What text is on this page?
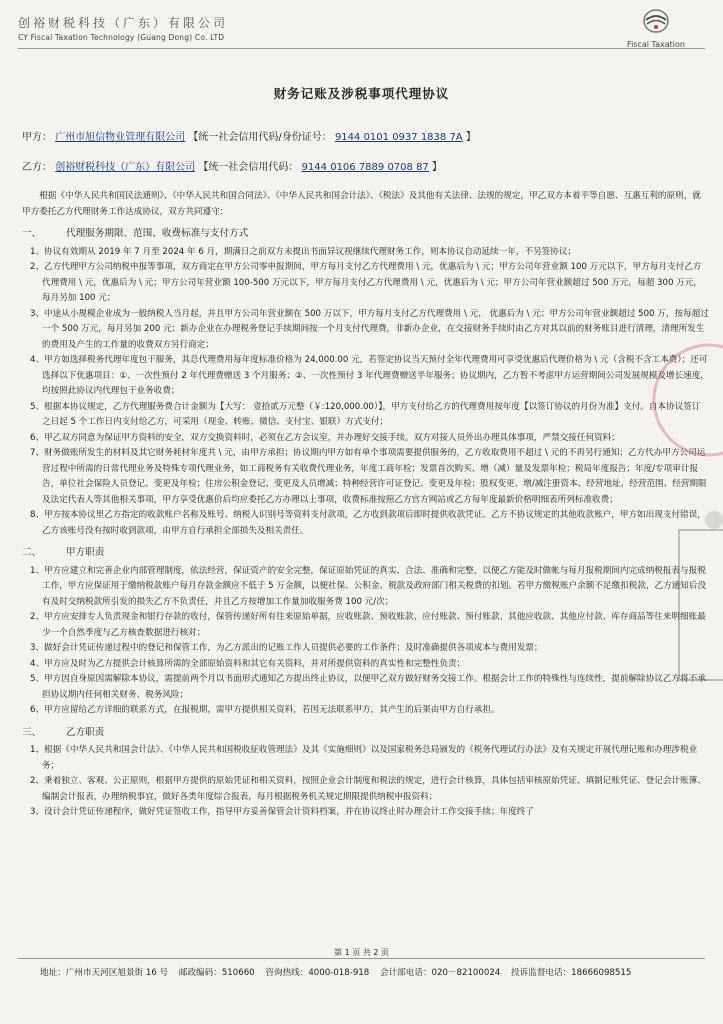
创裕财税科技（广东）有限公司
CY Fiscal Taxation Technology (Guang Dong) Co. LTD
Fiscal Taxation
财务记账及涉税事项代理协议
甲方： 广州市旭信物业管理有限公司 【统一社会信用代码/身份证号： 9144 0101 0937 1838 7A 】
乙方： 创裕财税科技（广东）有限公司 【统一社会信用代码： 9144 0106 7889 0708 87 】

根据《中华人民共和国民法通则》、《中华人民共和国合同法》、《中华人民共和国会计法》、《税法》及其他有关法律、法规的规定，甲乙双方本着平等自愿、互惠互利的原则，就甲方委托乙方代理财务工作达成协议，双方共同遵守：

一、	代理服务期限、范围、收费标准与支付方式

1、协议有效期从 2019 年 7 月至 2024 年 6 月，期满日之前双方未提出书面异议视继续代理财务工作，则本协议自动延续一年，不另签协议；

2、乙方代理甲方公司纳税申报等事项，双方商定在甲方公司零申报期间，甲方每月支付乙方代理费用 \ 元，优惠后为 \ 元；甲方公司年营业额 100 万元以下，甲方每月支付乙方代理费用 \ 元，优惠后为 \ 元；甲方公司年营业额 100-500 万元以下，甲方每月支付乙方代理费用 \ 元，优惠后为 \ 元；甲方公司年营业额超过 500 万元，每超 300 万元，每月另加 100 元；

3、中途从小规模企业成为一般纳税人当月起，并且甲方公司年营业额在 500 万以下，甲方每月支付乙方代理费用 \ 元， 优惠后为 \ 元；甲方公司年营业额超过 500 万，按每超过一个 500 万元，每月另加 200 元；新办企业在办理税务登记手续期间按一个月支付代理费，非新办企业，在交接财务手续时由乙方对其以前的财务账目进行清理，清理所发生的费用及产生的工作量的收费双方另行商定；

4、甲方如选择税务代理年度包干服务，其总代理费用每年度标准价格为 24,000.00 元，若签定协议当天预付全年代理费用可享受优惠后代理价格为 \ 元（含税不含工本费）；还可选择以下优惠项目：①、一次性预付 2 年代理费赠送 3 个月服务；②、一次性预付 3 年代理费赠送半年服务；协议期内，乙方暂不考虑甲方运营期间公司发展规模及增长速度，均按照此协议内代理包干业务收费；

5、根据本协议规定，乙方代理服务费合计金额为【大写： 壹拾贰万元整（￥:120,000.00）】，甲方支付给乙方的代理费用按年度【以签订协议的月份为准】支付。自本协议签订之日起 5 个工作日内支付给乙方，可采用（现金、转账、微信、支付宝、银联）方式支付；

6、甲乙双方同意为保证甲方资料的安全，双方交换资料时，必须在乙方会议室，并办理好交接手续。双方对接人员外出办理具体事项，严禁交接任何资料；

7、财务做账所发生的材料及其它财务耗材年度共 \ 元，由甲方承担；协议期内甲方如有单个事项需要提供服务的，乙方收取费用不超过 \ 元的不再另行通知；乙方代办甲方公司运营过程中所需的日常代理业务及特殊专项代理业务，如工商税务有关收费代理业务，年度工商年检；发票首次购买、增（减）量及发票年检；税局年度报告；年度/专项审计报告，单位社会保险人员登记、变更及年检；住房公积金登记、变更及人员增减；特种经营许可证登记、变更及年检；股权变更、增/减注册资本、经营地址、经营范围、经营期限及法定代表人等其他相关事项，甲方享受优惠价后均应委托乙方办理以上事项，收费标准按照乙方官方网站或乙方每年度最新价格明细表所列标准收费；

8、甲方按本协议里乙方指定的收款账户名称及账号、纳税人识别号等资料支付款项，乙方收到款项后即时提供收款凭证。乙方不协议规定的其他收款账户，甲方如出现支付错误，乙方该账号没有按时收到款项，由甲方自行承担全部损失及相关责任。

二、	甲方职责

1、甲方应建立和完善企业内部管理制度，依法经营，保证资产的安全完整，保证原始凭证的真实、合法、准确和完整，以便乙方能及时做帐与每月报税期间内完成纳税报表与报税工作，甲方应保证用于缴纳税款账户每月存款金额应不低于 5 万金额，以便社保、公积金、税款及政府部门相关税费的扣划。若甲方缴税账户余额不足缴扣税款，乙方通知后没有及时交纳税款所引发的损失乙方不负责任，并且乙方按增加工作量加收服务费 100 元/次；

2、甲方应安排专人负责现金和银行存款的收付，保管传递好所有往来原始单据，应收账款、预收账款、应付账款、预付账款、其他应收款、其他应付款、库存商品等往来明细账最少一个自然季度与乙方核查数据进行核对；

3、做好会计凭证传递过程中的登记和保管工作，为乙方派出的记账工作人员提供必要的工作条件；及时准确提供各项成本与费用发票；

4、甲方应及时为乙方提供会计核算所需的全部原始资料和其它有关资料，并对所提供资料的真实性和完整性负责；

5、甲方因自身原因需解除本协议，需提前两个月以书面形式通知乙方提出终止协议，以便甲乙双方做好财务交接工作。根据会计工作的特殊性与连续性，提前解除协议乙方将不承担协议期内任何相关财务、税务风险；

6、甲方应留给乙方详细的联系方式，在报税期，需甲方提供相关资料，若因无法联系甲方，其产生的后果由甲方自行承担。

三、	乙方职责

1、根据《中华人民共和国会计法》、《中华人民共和国税收征收管理法》及其《实施细则》以及国家税务总局颁发的《税务代理试行办法》及有关规定开展代理记账和办理涉税业务；

2、秉着独立、客观、公正原则，根据甲方提供的原始凭证和相关资料，按照企业会计制度和税法的规定，进行会计核算，具体包括审核原始凭证、填制记账凭证、登记会计账簿、编制会计报表，办理纳税事宜，做好各类年度综合报表，每月根据税务机关规定期限提供纳税申报资料；

3、设计会计凭证传递程序，做好凭证签收工作，指导甲方妥善保管会计资料档案，并在协议终止时办理会计工作交接手续；年度终了

第 1 页 共 2 页
地址：广州市天河区旭景街 16 号 邮政编码：510660 咨询热线：4000-018-918 会计部电话：020－82100024 投诉监督电话：18666098515
